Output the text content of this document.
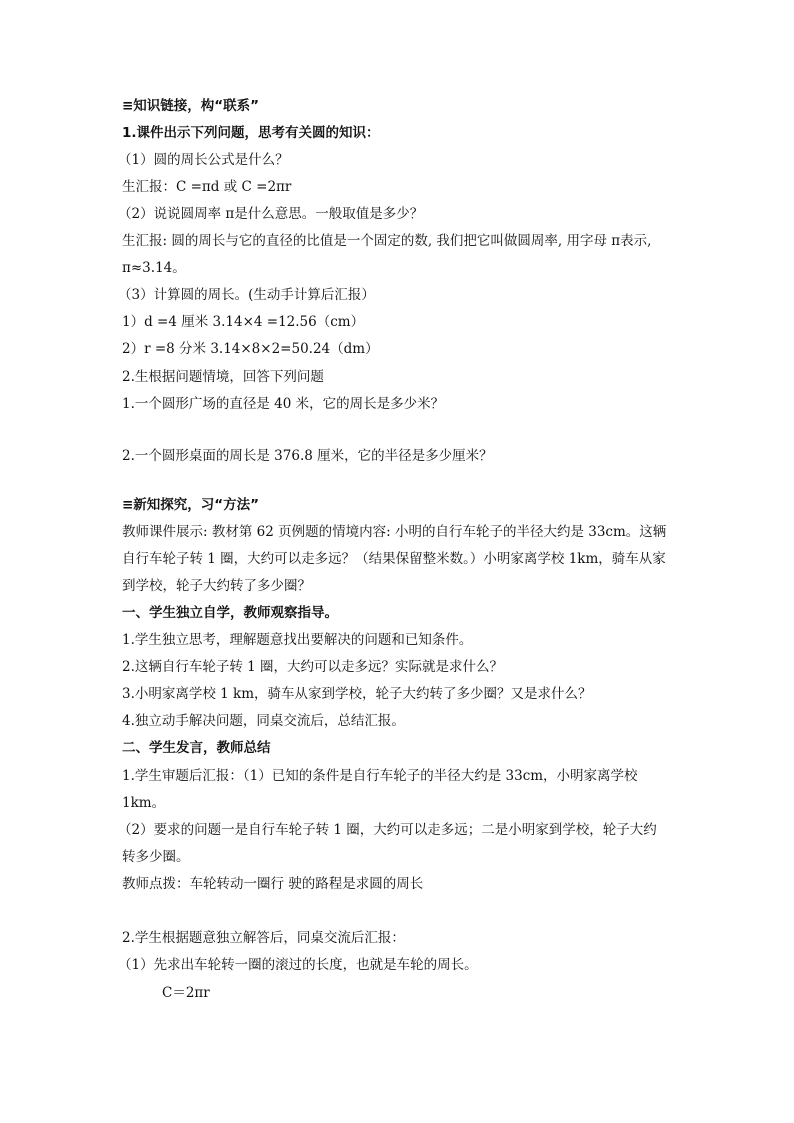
≡知识链接，构“联系”
1.课件出示下列问题，思考有关圆的知识：
（1）圆的周长公式是什么？
生汇报：C =πd 或 C =2πr
（2）说说圆周率 π是什么意思。一般取值是多少？
生汇报: 圆的周长与它的直径的比值是一个固定的数, 我们把它叫做圆周率, 用字母 π表示,
π≈3.14。
（3）计算圆的周长。(生动手计算后汇报）
1）d =4 厘米 3.14×4 =12.56（cm）
2）r =8 分米 3.14×8×2=50.24（dm）
2.生根据问题情境，回答下列问题
1.一个圆形广场的直径是 40 米，它的周长是多少米？
2.一个圆形桌面的周长是 376.8 厘米，它的半径是多少厘米？
≡新知探究，习“方法”
教师课件展示: 教材第 62 页例题的情境内容: 小明的自行车轮子的半径大约是 33cm。这辆
自行车轮子转 1 圈，大约可以走多远？（结果保留整米数。）小明家离学校 1km，骑车从家
到学校，轮子大约转了多少圈？
一、学生独立自学，教师观察指导。
1.学生独立思考，理解题意找出要解决的问题和已知条件。
2.这辆自行车轮子转 1 圈，大约可以走多远？实际就是求什么？
3.小明家离学校 1 km，骑车从家到学校，轮子大约转了多少圈？又是求什么？
4.独立动手解决问题，同桌交流后，总结汇报。
二、学生发言，教师总结
1.学生审题后汇报：（1）已知的条件是自行车轮子的半径大约是 33cm，小明家离学校
1km。
（2）要求的问题一是自行车轮子转 1 圈，大约可以走多远；二是小明家到学校，轮子大约
转多少圈。
教师点拨：车轮转动一圈行 驶的路程是求圆的周长
2.学生根据题意独立解答后，同桌交流后汇报：
（1）先求出车轮转一圈的滚过的长度，也就是车轮的周长。
C＝2πr
